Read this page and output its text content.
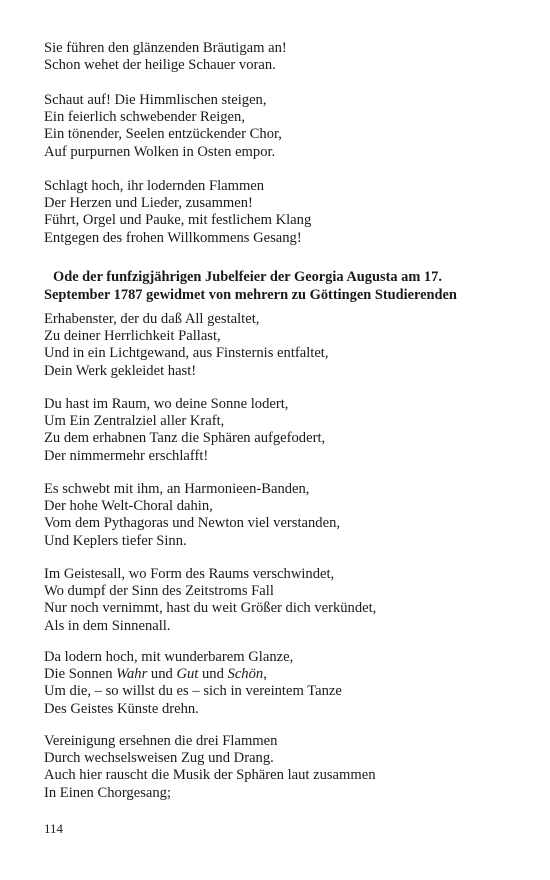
Sie führen den glänzenden Bräutigam an!
Schon wehet der heilige Schauer voran.
Schaut auf! Die Himmlischen steigen,
Ein feierlich schwebender Reigen,
Ein tönender, Seelen entzückender Chor,
Auf purpurnen Wolken in Osten empor.
Schlagt hoch, ihr lodernden Flammen
Der Herzen und Lieder, zusammen!
Führt, Orgel und Pauke, mit festlichem Klang
Entgegen des frohen Willkommens Gesang!
Ode der funfzigjährigen Jubelfeier der Georgia Augusta am 17.
September 1787 gewidmet von mehrern zu Göttingen Studierenden
Erhabenster, der du daß All gestaltet,
Zu deiner Herrlichkeit Pallast,
Und in ein Lichtgewand, aus Finsternis entfaltet,
Dein Werk gekleidet hast!
Du hast im Raum, wo deine Sonne lodert,
Um Ein Zentralziel aller Kraft,
Zu dem erhabnen Tanz die Sphären aufgefodert,
Der nimmermehr erschlafft!
Es schwebt mit ihm, an Harmonieen-Banden,
Der hohe Welt-Choral dahin,
Vom dem Pythagoras und Newton viel verstanden,
Und Keplers tiefer Sinn.
Im Geistesall, wo Form des Raums verschwindet,
Wo dumpf der Sinn des Zeitstroms Fall
Nur noch vernimmt, hast du weit Größer dich verkündet,
Als in dem Sinnenall.
Da lodern hoch, mit wunderbarem Glanze,
Die Sonnen Wahr und Gut und Schön,
Um die, – so willst du es – sich in vereintem Tanze
Des Geistes Künste drehn.
Vereinigung ersehnen die drei Flammen
Durch wechselsweisen Zug und Drang.
Auch hier rauscht die Musik der Sphären laut zusammen
In Einen Chorgesang;
114
